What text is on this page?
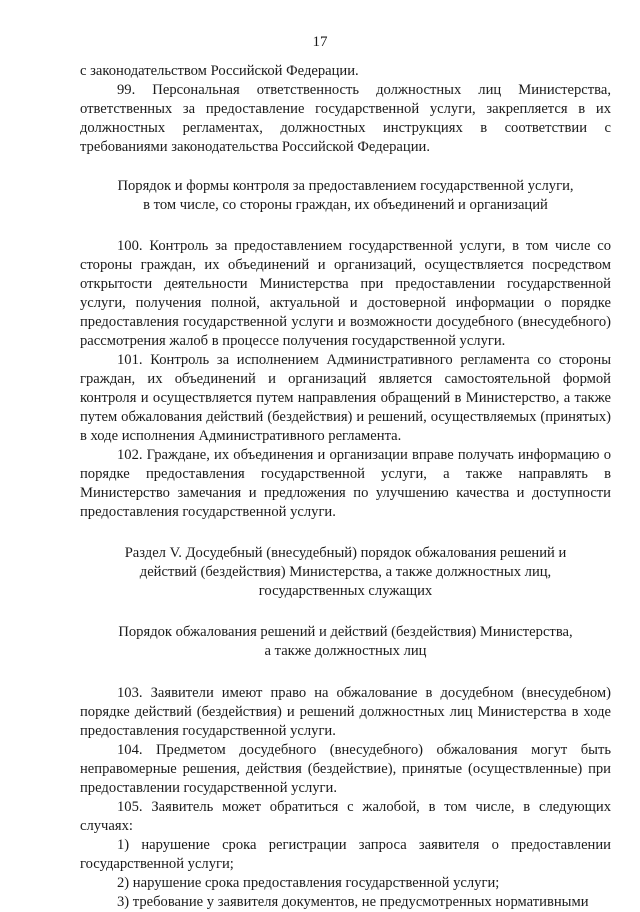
17

с законодательством Российской Федерации.

99. Персональная ответственность должностных лиц Министерства, ответственных за предоставление государственной услуги, закрепляется в их должностных регламентах, должностных инструкциях в соответствии с требованиями законодательства Российской Федерации.

Порядок и формы контроля за предоставлением государственной услуги, в том числе, со стороны граждан, их объединений и организаций

100. Контроль за предоставлением государственной услуги, в том числе со стороны граждан, их объединений и организаций, осуществляется посредством открытости деятельности Министерства при предоставлении государственной услуги, получения полной, актуальной и достоверной информации о порядке предоставления государственной услуги и возможности досудебного (внесудебного) рассмотрения жалоб в процессе получения государственной услуги.

101. Контроль за исполнением Административного регламента со стороны граждан, их объединений и организаций является самостоятельной формой контроля и осуществляется путем направления обращений в Министерство, а также путем обжалования действий (бездействия) и решений, осуществляемых (принятых) в ходе исполнения Административного регламента.

102. Граждане, их объединения и организации вправе получать информацию о порядке предоставления государственной услуги, а также направлять в Министерство замечания и предложения по улучшению качества и доступности предоставления государственной услуги.

Раздел V. Досудебный (внесудебный) порядок обжалования решений и действий (бездействия) Министерства, а также должностных лиц, государственных служащих

Порядок обжалования решений и действий (бездействия) Министерства, а также должностных лиц

103. Заявители имеют право на обжалование в досудебном (внесудебном) порядке действий (бездействия) и решений должностных лиц Министерства в ходе предоставления государственной услуги.

104. Предметом досудебного (внесудебного) обжалования могут быть неправомерные решения, действия (бездействие), принятые (осуществленные) при предоставлении государственной услуги.

105. Заявитель может обратиться с жалобой, в том числе, в следующих случаях:

1) нарушение срока регистрации запроса заявителя о предоставлении государственной услуги;

2) нарушение срока предоставления государственной услуги;

3) требование у заявителя документов, не предусмотренных нормативными
